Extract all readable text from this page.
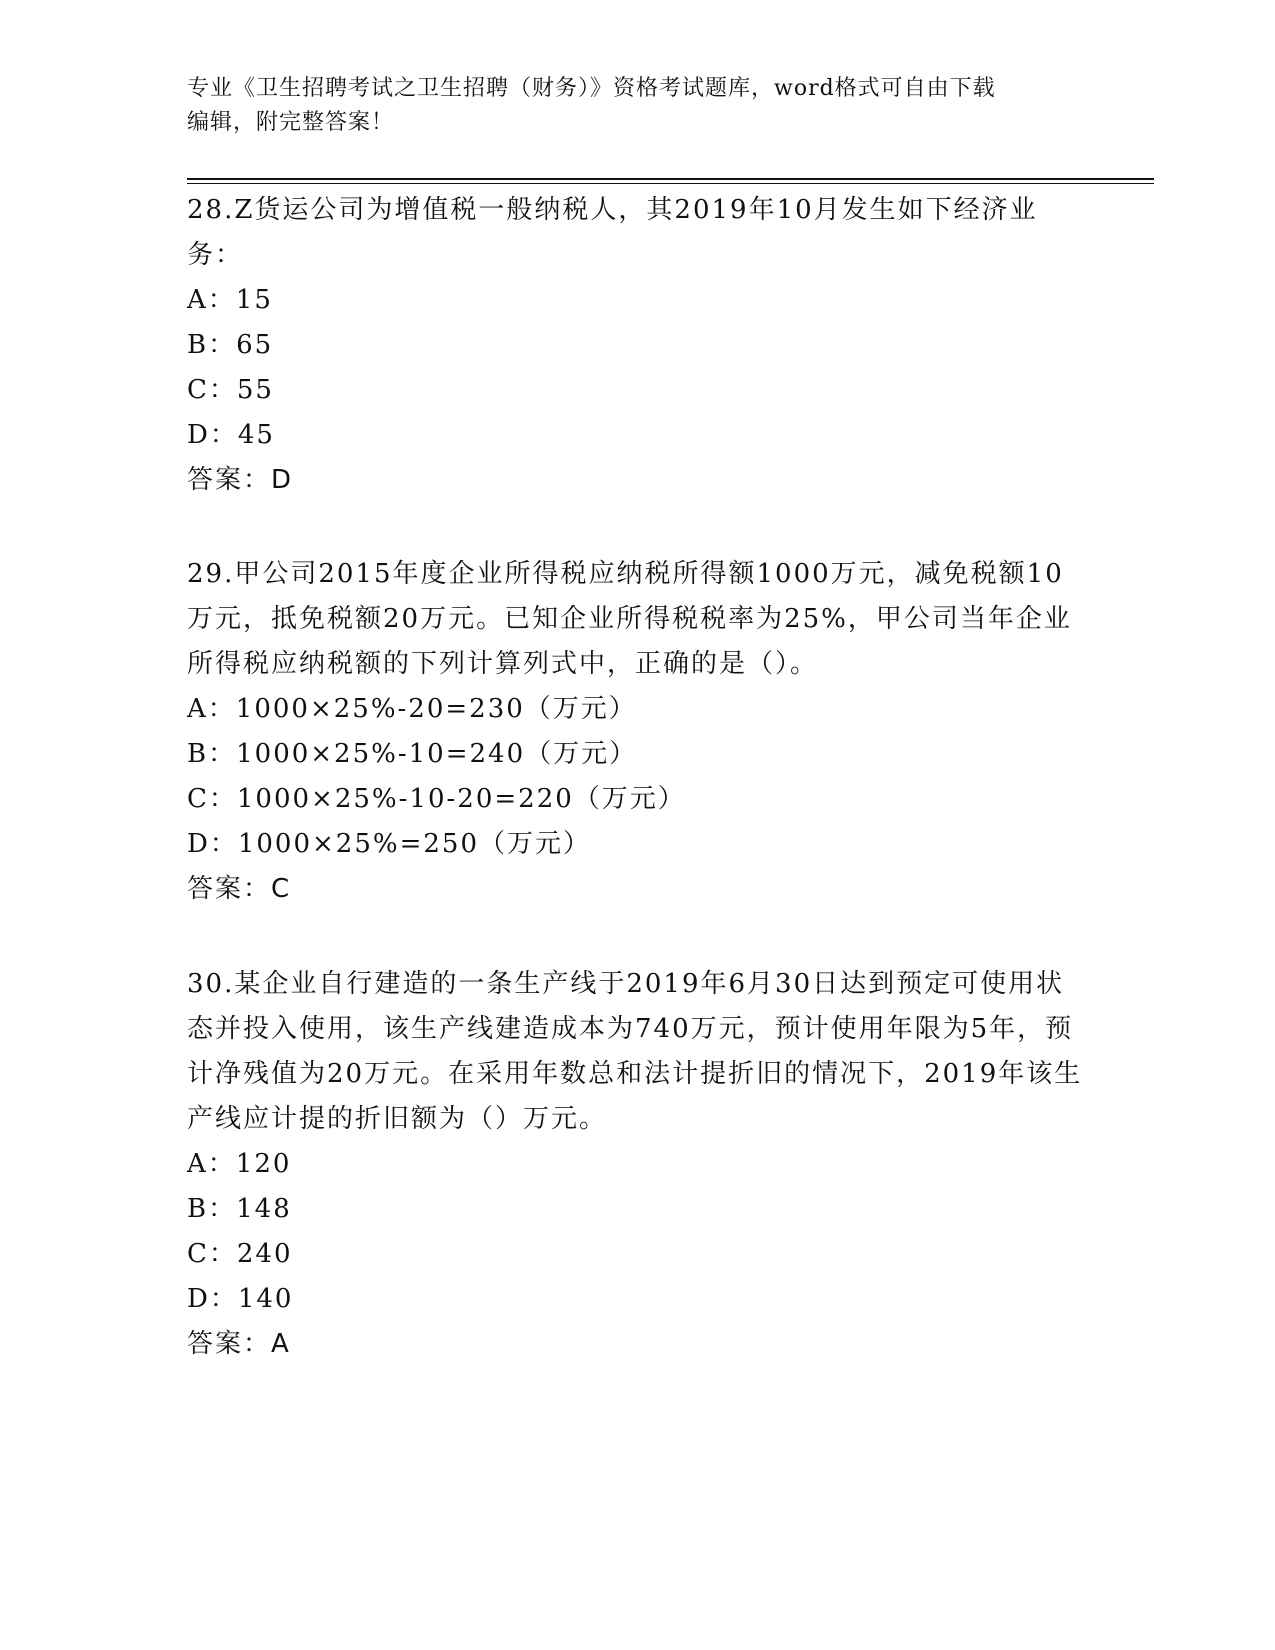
专业《卫生招聘考试之卫生招聘（财务）》资格考试题库，word格式可自由下载
编辑，附完整答案！
28.Z货运公司为增值税一般纳税人，其2019年10月发生如下经济业务：
A：15
B：65
C：55
D：45
答案：D
29.甲公司2015年度企业所得税应纳税所得额1000万元，减免税额10万元，抵免税额20万元。已知企业所得税税率为25%，甲公司当年企业所得税应纳税额的下列计算列式中，正确的是（）。
A：1000×25%-20=230（万元）
B：1000×25%-10=240（万元）
C：1000×25%-10-20=220（万元）
D：1000×25%=250（万元）
答案：C
30.某企业自行建造的一条生产线于2019年6月30日达到预定可使用状态并投入使用，该生产线建造成本为740万元，预计使用年限为5年，预计净残值为20万元。在采用年数总和法计提折旧的情况下，2019年该生产线应计提的折旧额为（）万元。
A：120
B：148
C：240
D：140
答案：A
